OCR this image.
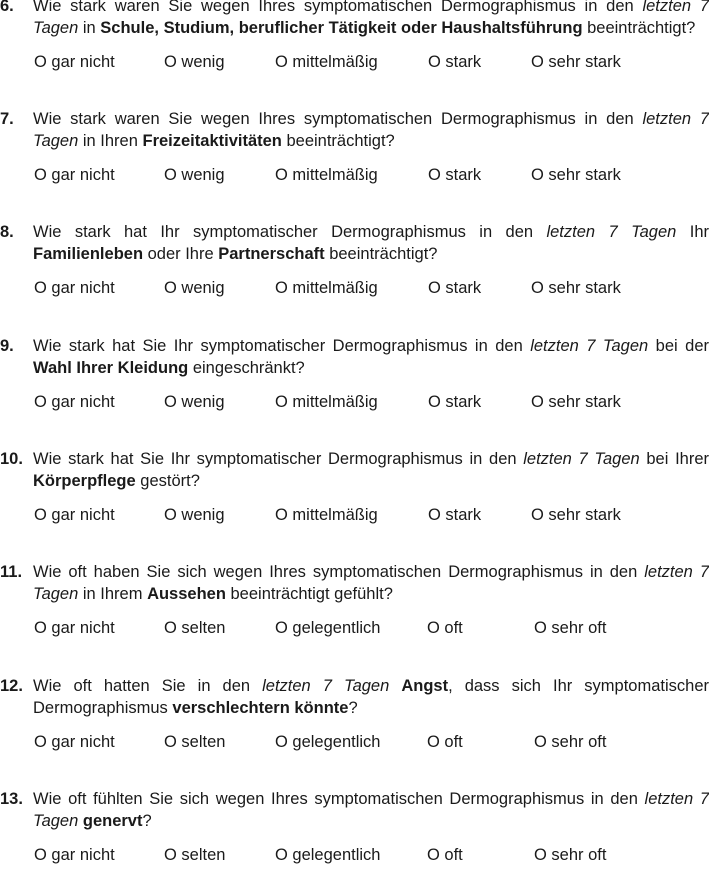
6. Wie stark waren Sie wegen Ihres symptomatischen Dermographismus in den letzten 7 Tagen in Schule, Studium, beruflicher Tätigkeit oder Haushaltsführung beeinträchtigt?

O gar nicht	O wenig	O mittelmäßig	O stark	O sehr stark
7. Wie stark waren Sie wegen Ihres symptomatischen Dermographismus in den letzten 7 Tagen in Ihren Freizeitaktivitäten beeinträchtigt?

O gar nicht	O wenig	O mittelmäßig	O stark	O sehr stark
8. Wie stark hat Ihr symptomatischer Dermographismus in den letzten 7 Tagen Ihr Familienleben oder Ihre Partnerschaft beeinträchtigt?

O gar nicht	O wenig	O mittelmäßig	O stark	O sehr stark
9. Wie stark hat Sie Ihr symptomatischer Dermographismus in den letzten 7 Tagen bei der Wahl Ihrer Kleidung eingeschränkt?

O gar nicht	O wenig	O mittelmäßig	O stark	O sehr stark
10. Wie stark hat Sie Ihr symptomatischer Dermographismus in den letzten 7 Tagen bei Ihrer Körperpflege gestört?

O gar nicht	O wenig	O mittelmäßig	O stark	O sehr stark
11. Wie oft haben Sie sich wegen Ihres symptomatischen Dermographismus in den letzten 7 Tagen in Ihrem Aussehen beeinträchtigt gefühlt?

O gar nicht	O selten	O gelegentlich	O oft	O sehr oft
12. Wie oft hatten Sie in den letzten 7 Tagen Angst, dass sich Ihr symptomatischer Dermographismus verschlechtern könnte?

O gar nicht	O selten	O gelegentlich	O oft	O sehr oft
13. Wie oft fühlten Sie sich wegen Ihres symptomatischen Dermographismus in den letzten 7 Tagen genervt?

O gar nicht	O selten	O gelegentlich	O oft	O sehr oft
